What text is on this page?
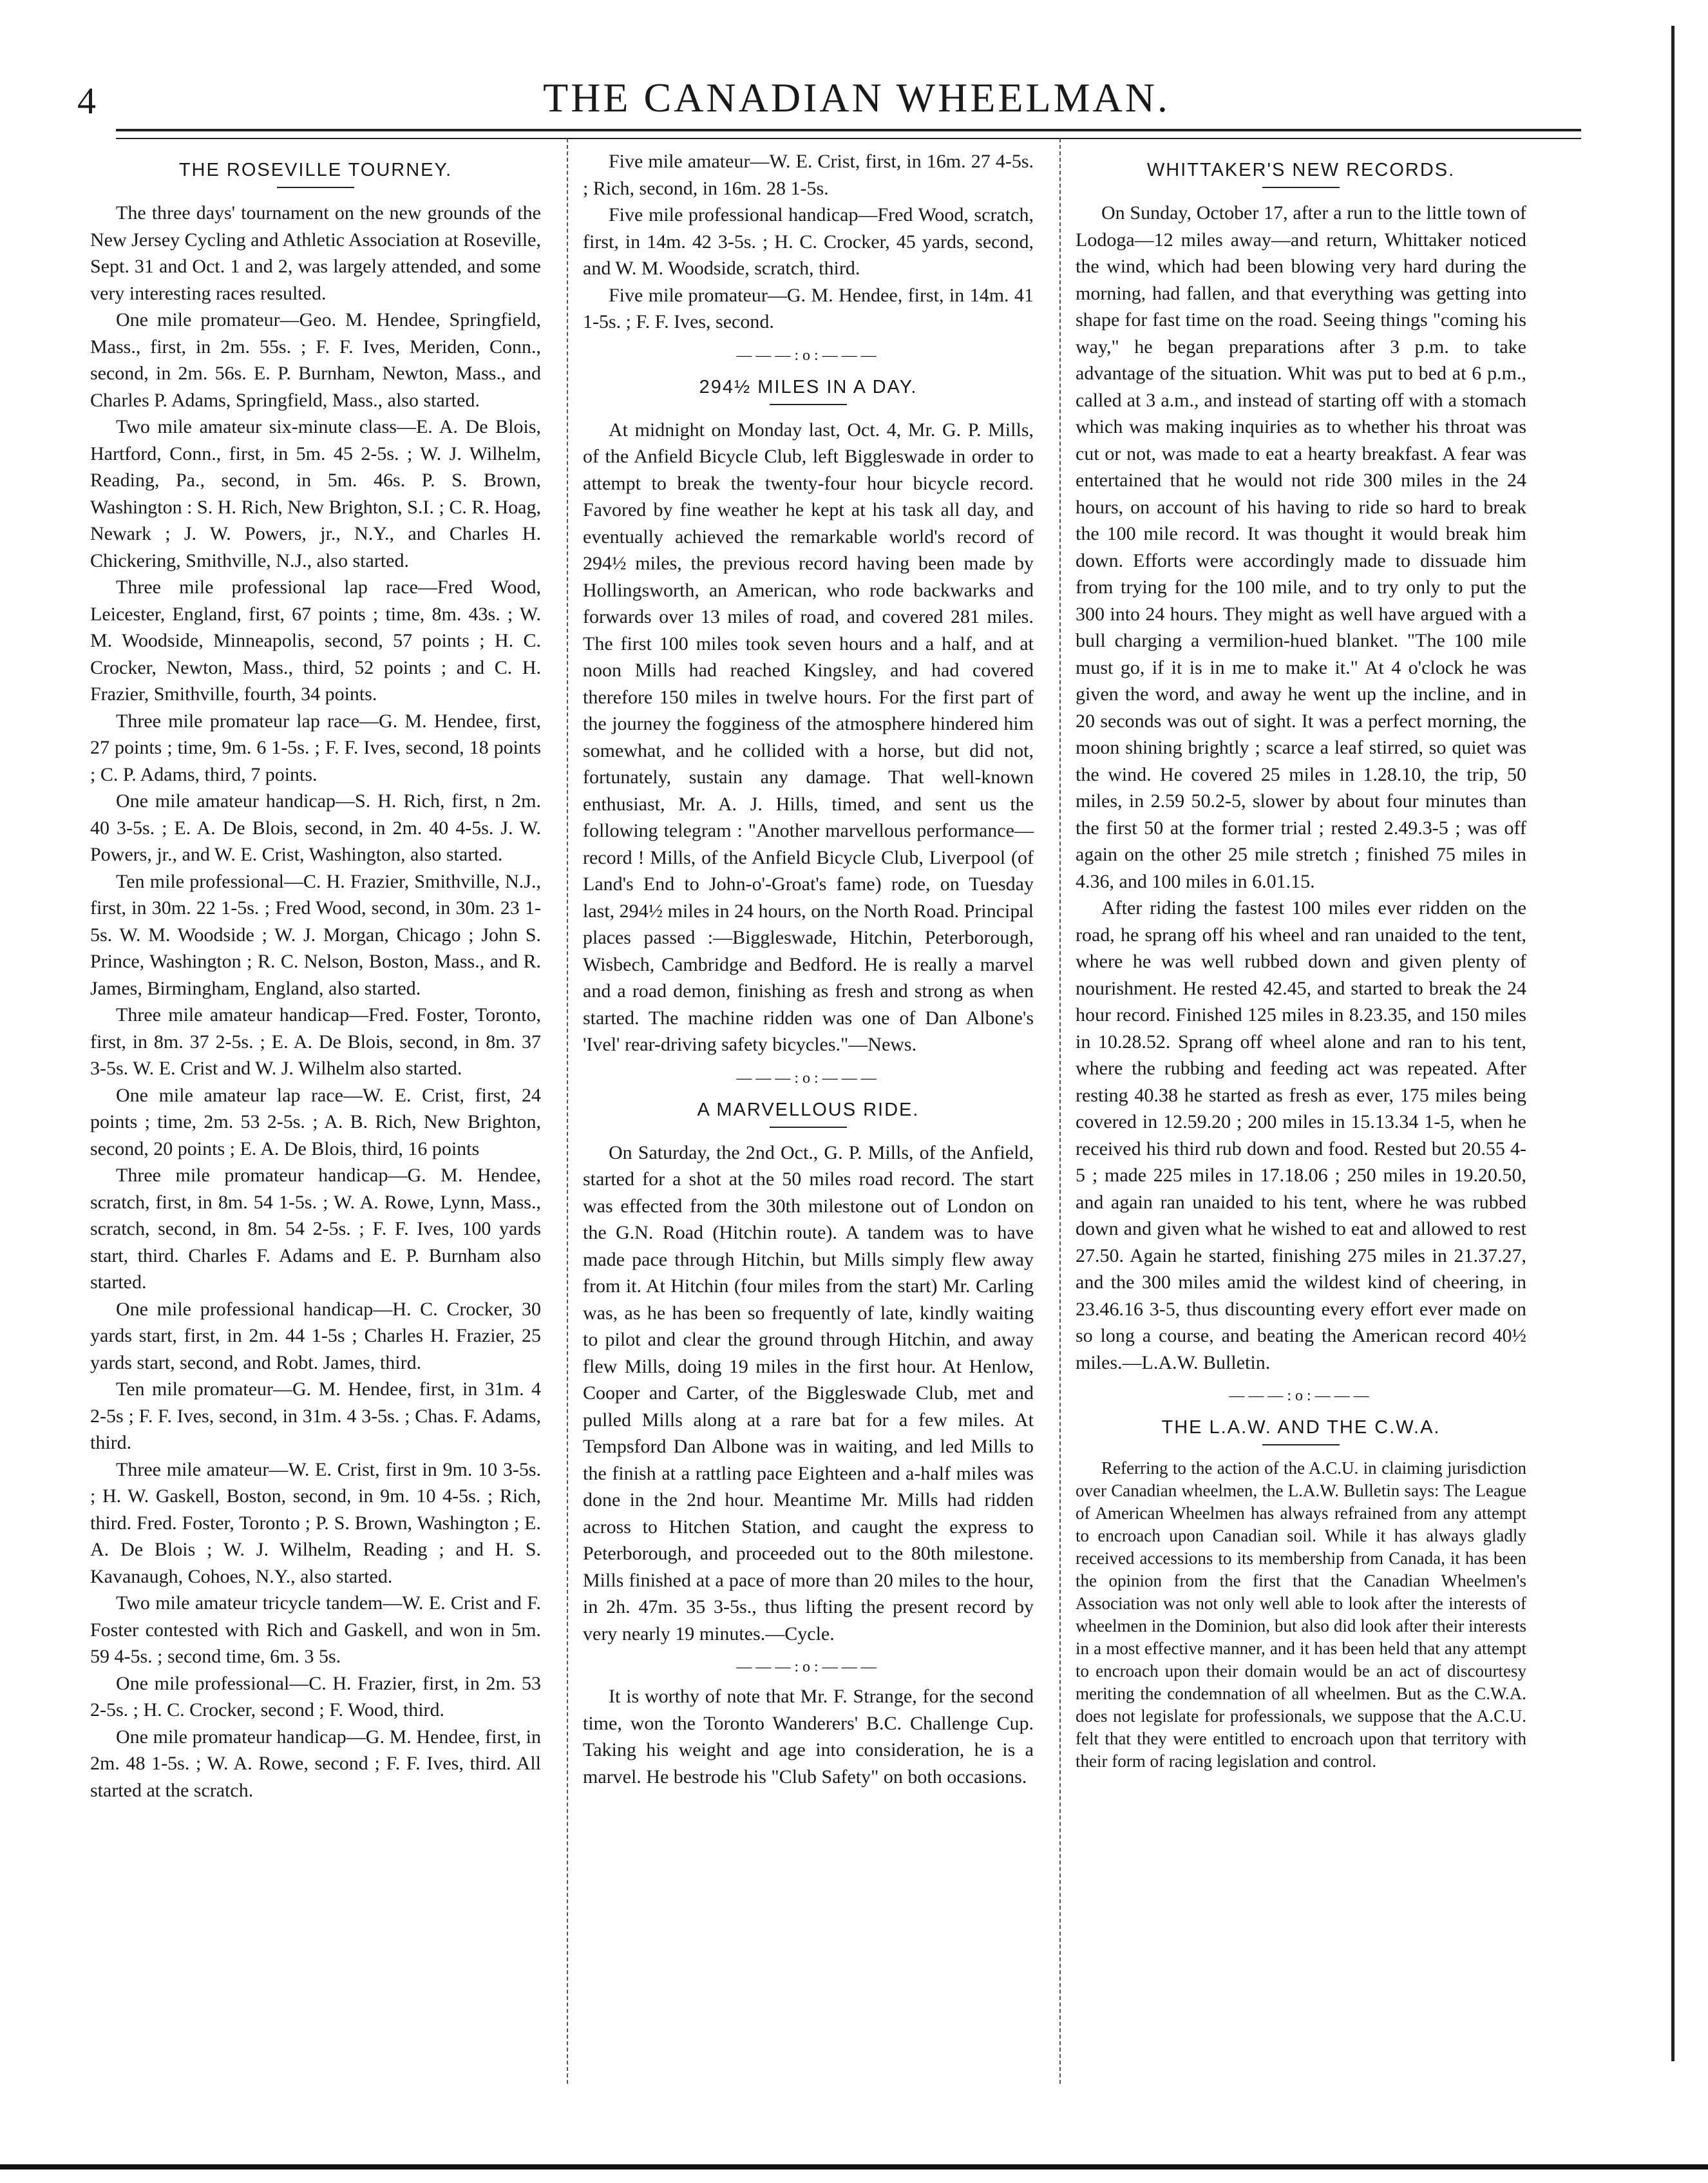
4	THE CANADIAN WHEELMAN.
THE ROSEVILLE TOURNEY.

The three days' tournament on the new grounds of the New Jersey Cycling and Athletic Association at Roseville, Sept. 31 and Oct. 1 and 2, was largely attended, and some very interesting races resulted.

One mile promateur—Geo. M. Hendee, Springfield, Mass., first, in 2m. 55s. ; F. F. Ives, Meriden, Conn., second, in 2m. 56s. E. P. Burnham, Newton, Mass., and Charles P. Adams, Springfield, Mass., also started.

Two mile amateur six-minute class—E. A. De Blois, Hartford, Conn., first, in 5m. 45 2-5s. ; W. J. Wilhelm, Reading, Pa., second, in 5m. 46s. P. S. Brown, Washington : S. H. Rich, New Brighton, S.I. ; C. R. Hoag, Newark ; J. W. Powers, jr., N.Y., and Charles H. Chickering, Smithville, N.J., also started.

Three mile professional lap race—Fred Wood, Leicester, England, first, 67 points ; time, 8m. 43s. ; W. M. Woodside, Minneapolis, second, 57 points ; H. C. Crocker, Newton, Mass., third, 52 points ; and C. H. Frazier, Smithville, fourth, 34 points.

Three mile promateur lap race—G. M. Hendee, first, 27 points ; time, 9m. 6 1-5s. ; F. F. Ives, second, 18 points ; C. P. Adams, third, 7 points.

One mile amateur handicap—S. H. Rich, first, n 2m. 40 3-5s. ; E. A. De Blois, second, in 2m. 40 4-5s. J. W. Powers, jr., and W. E. Crist, Washington, also started.

Ten mile professional—C. H. Frazier, Smithville, N.J., first, in 30m. 22 1-5s. ; Fred Wood, second, in 30m. 23 1-5s. W. M. Woodside ; W. J. Morgan, Chicago ; John S. Prince, Washington ; R. C. Nelson, Boston, Mass., and R. James, Birmingham, England, also started.

Three mile amateur handicap—Fred. Foster, Toronto, first, in 8m. 37 2-5s. ; E. A. De Blois, second, in 8m. 37 3-5s. W. E. Crist and W. J. Wilhelm also started.

One mile amateur lap race—W. E. Crist, first, 24 points ; time, 2m. 53 2-5s. ; A. B. Rich, New Brighton, second, 20 points ; E. A. De Blois, third, 16 points

Three mile promateur handicap—G. M. Hendee, scratch, first, in 8m. 54 1-5s. ; W. A. Rowe, Lynn, Mass., scratch, second, in 8m. 54 2-5s. ; F. F. Ives, 100 yards start, third. Charles F. Adams and E. P. Burnham also started.

One mile professional handicap—H. C. Crocker, 30 yards start, first, in 2m. 44 1-5s ; Charles H. Frazier, 25 yards start, second, and Robt. James, third.

Ten mile promateur—G. M. Hendee, first, in 31m. 4 2-5s ; F. F. Ives, second, in 31m. 4 3-5s. ; Chas. F. Adams, third.

Three mile amateur—W. E. Crist, first in 9m. 10 3-5s. ; H. W. Gaskell, Boston, second, in 9m. 10 4-5s. ; Rich, third. Fred. Foster, Toronto ; P. S. Brown, Washington ; E. A. De Blois ; W. J. Wilhelm, Reading ; and H. S. Kavanaugh, Cohoes, N.Y., also started.

Two mile amateur tricycle tandem—W. E. Crist and F. Foster contested with Rich and Gaskell, and won in 5m. 59 4-5s. ; second time, 6m. 3 5s.

One mile professional—C. H. Frazier, first, in 2m. 53 2-5s. ; H. C. Crocker, second ; F. Wood, third.

One mile promateur handicap—G. M. Hendee, first, in 2m. 48 1-5s. ; W. A. Rowe, second ; F. F. Ives, third. All started at the scratch.

Five mile amateur—W. E. Crist, first, in 16m. 27 4-5s. ; Rich, second, in 16m. 28 1-5s.

Five mile professional handicap—Fred Wood, scratch, first, in 14m. 42 3-5s. ; H. C. Crocker, 45 yards, second, and W. M. Woodside, scratch, third.

Five mile promateur—G. M. Hendee, first, in 14m. 41 1-5s. ; F. F. Ives, second.

———:o:———
294½ MILES IN A DAY.

At midnight on Monday last, Oct. 4, Mr. G. P. Mills, of the Anfield Bicycle Club, left Biggleswade in order to attempt to break the twenty-four hour bicycle record. Favored by fine weather he kept at his task all day, and eventually achieved the remarkable world's record of 294½ miles, the previous record having been made by Hollingsworth, an American, who rode backwarks and forwards over 13 miles of road, and covered 281 miles. The first 100 miles took seven hours and a half, and at noon Mills had reached Kingsley, and had covered therefore 150 miles in twelve hours. For the first part of the journey the fogginess of the atmosphere hindered him somewhat, and he collided with a horse, but did not, fortunately, sustain any damage. That well-known enthusiast, Mr. A. J. Hills, timed, and sent us the following telegram : "Another marvellous performance—record ! Mills, of the Anfield Bicycle Club, Liverpool (of Land's End to John-o'-Groat's fame) rode, on Tuesday last, 294½ miles in 24 hours, on the North Road. Principal places passed :—Biggleswade, Hitchin, Peterborough, Wisbech, Cambridge and Bedford. He is really a marvel and a road demon, finishing as fresh and strong as when started. The machine ridden was one of Dan Albone's 'Ivel' rear-driving safety bicycles."—News.

———:o:———
A MARVELLOUS RIDE.

On Saturday, the 2nd Oct., G. P. Mills, of the Anfield, started for a shot at the 50 miles road record. The start was effected from the 30th milestone out of London on the G.N. Road (Hitchin route). A tandem was to have made pace through Hitchin, but Mills simply flew away from it. At Hitchin (four miles from the start) Mr. Carling was, as he has been so frequently of late, kindly waiting to pilot and clear the ground through Hitchin, and away flew Mills, doing 19 miles in the first hour. At Henlow, Cooper and Carter, of the Biggleswade Club, met and pulled Mills along at a rare bat for a few miles. At Tempsford Dan Albone was in waiting, and led Mills to the finish at a rattling pace Eighteen and a-half miles was done in the 2nd hour. Meantime Mr. Mills had ridden across to Hitchen Station, and caught the express to Peterborough, and proceeded out to the 80th milestone. Mills finished at a pace of more than 20 miles to the hour, in 2h. 47m. 35 3-5s., thus lifting the present record by very nearly 19 minutes.—Cycle.

———:o:———

It is worthy of note that Mr. F. Strange, for the second time, won the Toronto Wanderers' B.C. Challenge Cup. Taking his weight and age into consideration, he is a marvel. He bestrode his "Club Safety" on both occasions.

WHITTAKER'S NEW RECORDS.

On Sunday, October 17, after a run to the little town of Lodoga—12 miles away—and return, Whittaker noticed the wind, which had been blowing very hard during the morning, had fallen, and that everything was getting into shape for fast time on the road. Seeing things "coming his way," he began preparations after 3 p.m. to take advantage of the situation. Whit was put to bed at 6 p.m., called at 3 a.m., and instead of starting off with a stomach which was making inquiries as to whether his throat was cut or not, was made to eat a hearty breakfast. A fear was entertained that he would not ride 300 miles in the 24 hours, on account of his having to ride so hard to break the 100 mile record. It was thought it would break him down. Efforts were accordingly made to dissuade him from trying for the 100 mile, and to try only to put the 300 into 24 hours. They might as well have argued with a bull charging a vermilion-hued blanket. "The 100 mile must go, if it is in me to make it." At 4 o'clock he was given the word, and away he went up the incline, and in 20 seconds was out of sight. It was a perfect morning, the moon shining brightly ; scarce a leaf stirred, so quiet was the wind. He covered 25 miles in 1.28.10, the trip, 50 miles, in 2.59 50.2-5, slower by about four minutes than the first 50 at the former trial ; rested 2.49.3-5 ; was off again on the other 25 mile stretch ; finished 75 miles in 4.36, and 100 miles in 6.01.15.

After riding the fastest 100 miles ever ridden on the road, he sprang off his wheel and ran unaided to the tent, where he was well rubbed down and given plenty of nourishment. He rested 42.45, and started to break the 24 hour record. Finished 125 miles in 8.23.35, and 150 miles in 10.28.52. Sprang off wheel alone and ran to his tent, where the rubbing and feeding act was repeated. After resting 40.38 he started as fresh as ever, 175 miles being covered in 12.59.20 ; 200 miles in 15.13.34 1-5, when he received his third rub down and food. Rested but 20.55 4-5 ; made 225 miles in 17.18.06 ; 250 miles in 19.20.50, and again ran unaided to his tent, where he was rubbed down and given what he wished to eat and allowed to rest 27.50. Again he started, finishing 275 miles in 21.37.27, and the 300 miles amid the wildest kind of cheering, in 23.46.16 3-5, thus discounting every effort ever made on so long a course, and beating the American record 40½ miles.—L.A.W. Bulletin.

———:o:———
THE L.A.W. AND THE C.W.A.

Referring to the action of the A.C.U. in claiming jurisdiction over Canadian wheelmen, the L.A.W. Bulletin says: The League of American Wheelmen has always refrained from any attempt to encroach upon Canadian soil. While it has always gladly received accessions to its membership from Canada, it has been the opinion from the first that the Canadian Wheelmen's Association was not only well able to look after the interests of wheelmen in the Dominion, but also did look after their interests in a most effective manner, and it has been held that any attempt to encroach upon their domain would be an act of discourtesy meriting the condemnation of all wheelmen. But as the C.W.A. does not legislate for professionals, we suppose that the A.C.U. felt that they were entitled to encroach upon that territory with their form of racing legislation and control.
